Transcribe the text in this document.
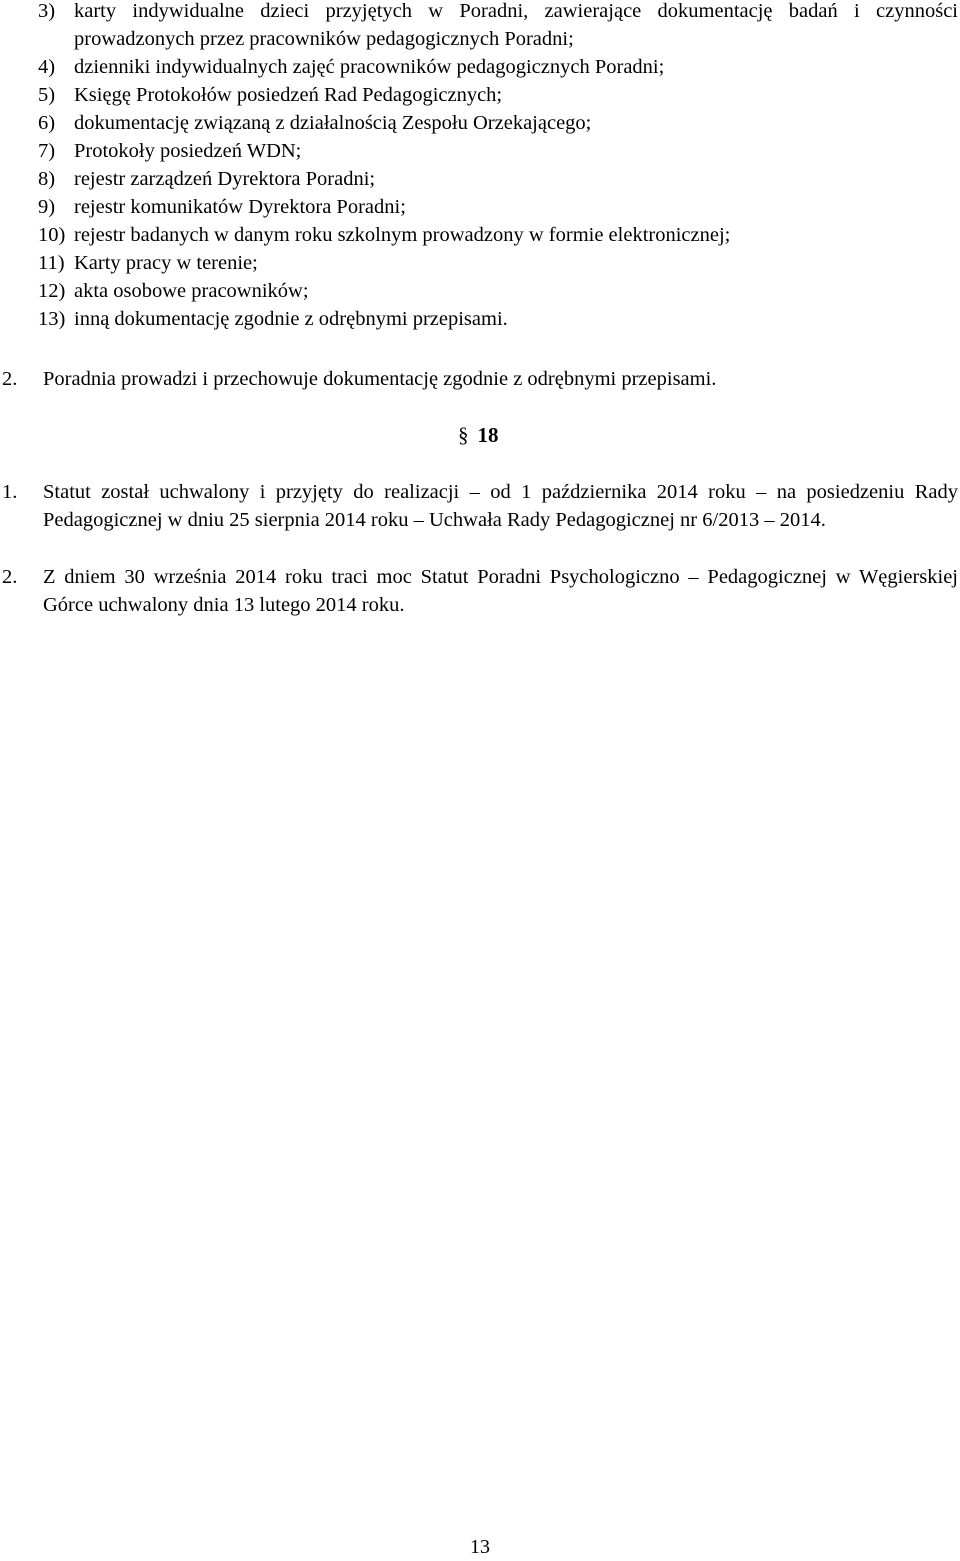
3) karty indywidualne dzieci przyjętych w Poradni, zawierające dokumentację badań i czynności prowadzonych przez pracowników pedagogicznych Poradni;
4) dzienniki indywidualnych zajęć pracowników pedagogicznych Poradni;
5) Księgę Protokołów posiedzeń Rad Pedagogicznych;
6) dokumentację związaną z działalnością Zespołu Orzekającego;
7) Protokoły posiedzeń WDN;
8) rejestr zarządzeń Dyrektora Poradni;
9) rejestr komunikatów Dyrektora Poradni;
10) rejestr badanych w danym roku szkolnym prowadzony w formie elektronicznej;
11) Karty pracy w terenie;
12) akta osobowe pracowników;
13) inną dokumentację zgodnie z odrębnymi przepisami.
2. Poradnia prowadzi i przechowuje dokumentację zgodnie z odrębnymi przepisami.
§ 18
1. Statut został uchwalony i przyjęty do realizacji – od 1 października 2014 roku – na posiedzeniu Rady Pedagogicznej w dniu 25 sierpnia 2014 roku – Uchwała Rady Pedagogicznej nr 6/2013 – 2014.
2. Z dniem 30 września 2014 roku traci moc Statut Poradni Psychologiczno – Pedagogicznej w Węgierskiej Górce uchwalony dnia 13 lutego 2014 roku.
13
